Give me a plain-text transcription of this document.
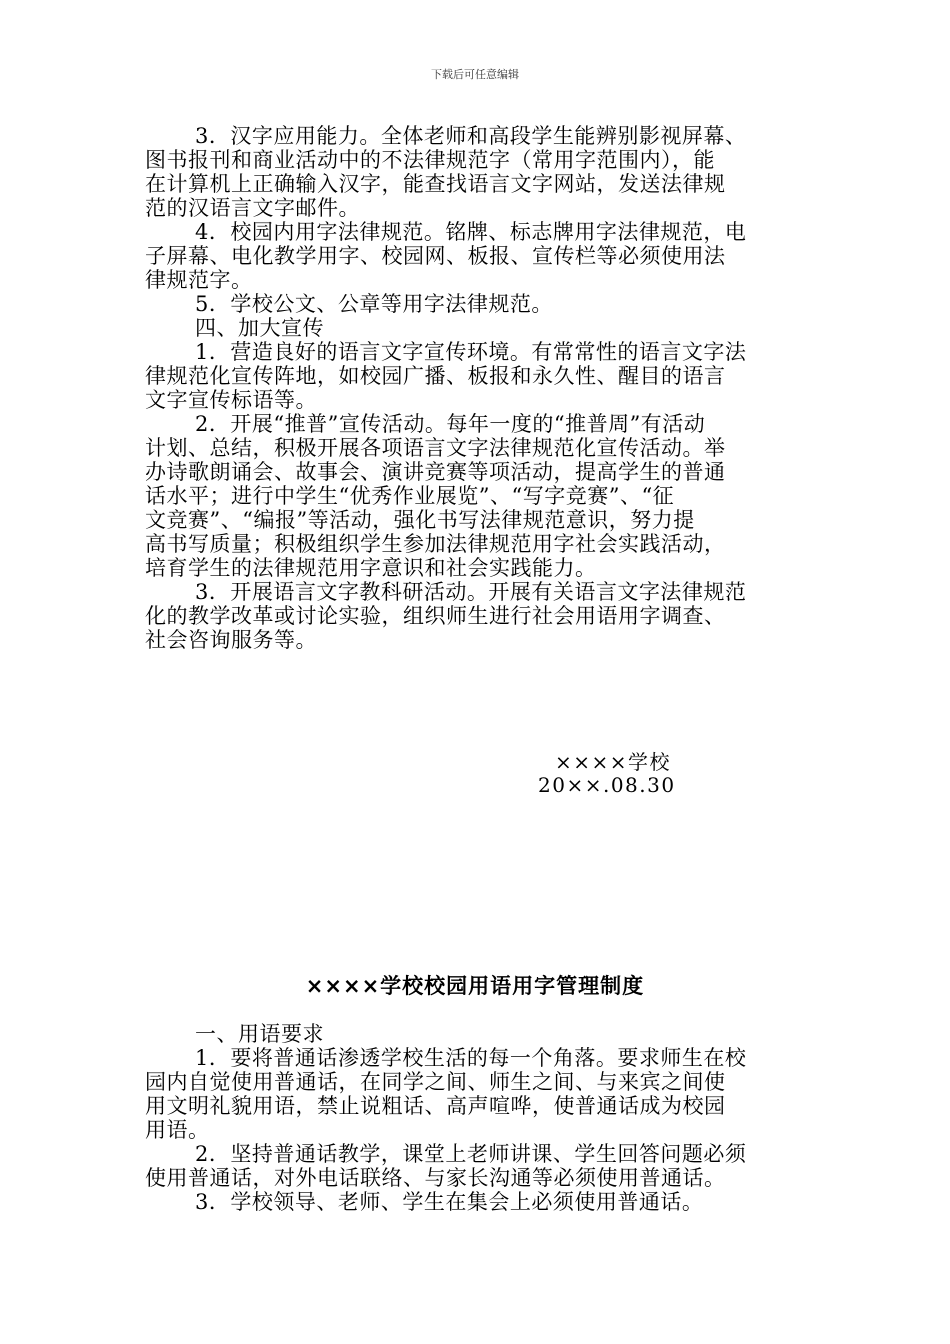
下载后可任意编辑
3．汉字应用能力。全体老师和高段学生能辨别影视屏幕、
图书报刊和商业活动中的不法律规范字（常用字范围内），能
在计算机上正确输入汉字，能查找语言文字网站，发送法律规
范的汉语言文字邮件。
4．校园内用字法律规范。铭牌、标志牌用字法律规范，电
子屏幕、电化教学用字、校园网、板报、宣传栏等必须使用法
律规范字。
5．学校公文、公章等用字法律规范。
四、加大宣传
1．营造良好的语言文字宣传环境。有常常性的语言文字法
律规范化宣传阵地，如校园广播、板报和永久性、醒目的语言
文字宣传标语等。
2．开展“推普”宣传活动。每年一度的“推普周”有活动
计划、总结，积极开展各项语言文字法律规范化宣传活动。举
办诗歌朗诵会、故事会、演讲竞赛等项活动，提高学生的普通
话水平；进行中学生“优秀作业展览”、“写字竞赛”、“征
文竞赛”、“编报”等活动，强化书写法律规范意识，努力提
高书写质量；积极组织学生参加法律规范用字社会实践活动，
培育学生的法律规范用字意识和社会实践能力。
3．开展语言文字教科研活动。开展有关语言文字法律规范
化的教学改革或讨论实验，组织师生进行社会用语用字调查、
社会咨询服务等。
××××学校
20××.08.30
××××学校校园用语用字管理制度
一、用语要求
1．要将普通话渗透学校生活的每一个角落。要求师生在校
园内自觉使用普通话，在同学之间、师生之间、与来宾之间使
用文明礼貌用语，禁止说粗话、高声喧哗，使普通话成为校园
用语。
2．坚持普通话教学，课堂上老师讲课、学生回答问题必须
使用普通话，对外电话联络、与家长沟通等必须使用普通话。
3．学校领导、老师、学生在集会上必须使用普通话。
